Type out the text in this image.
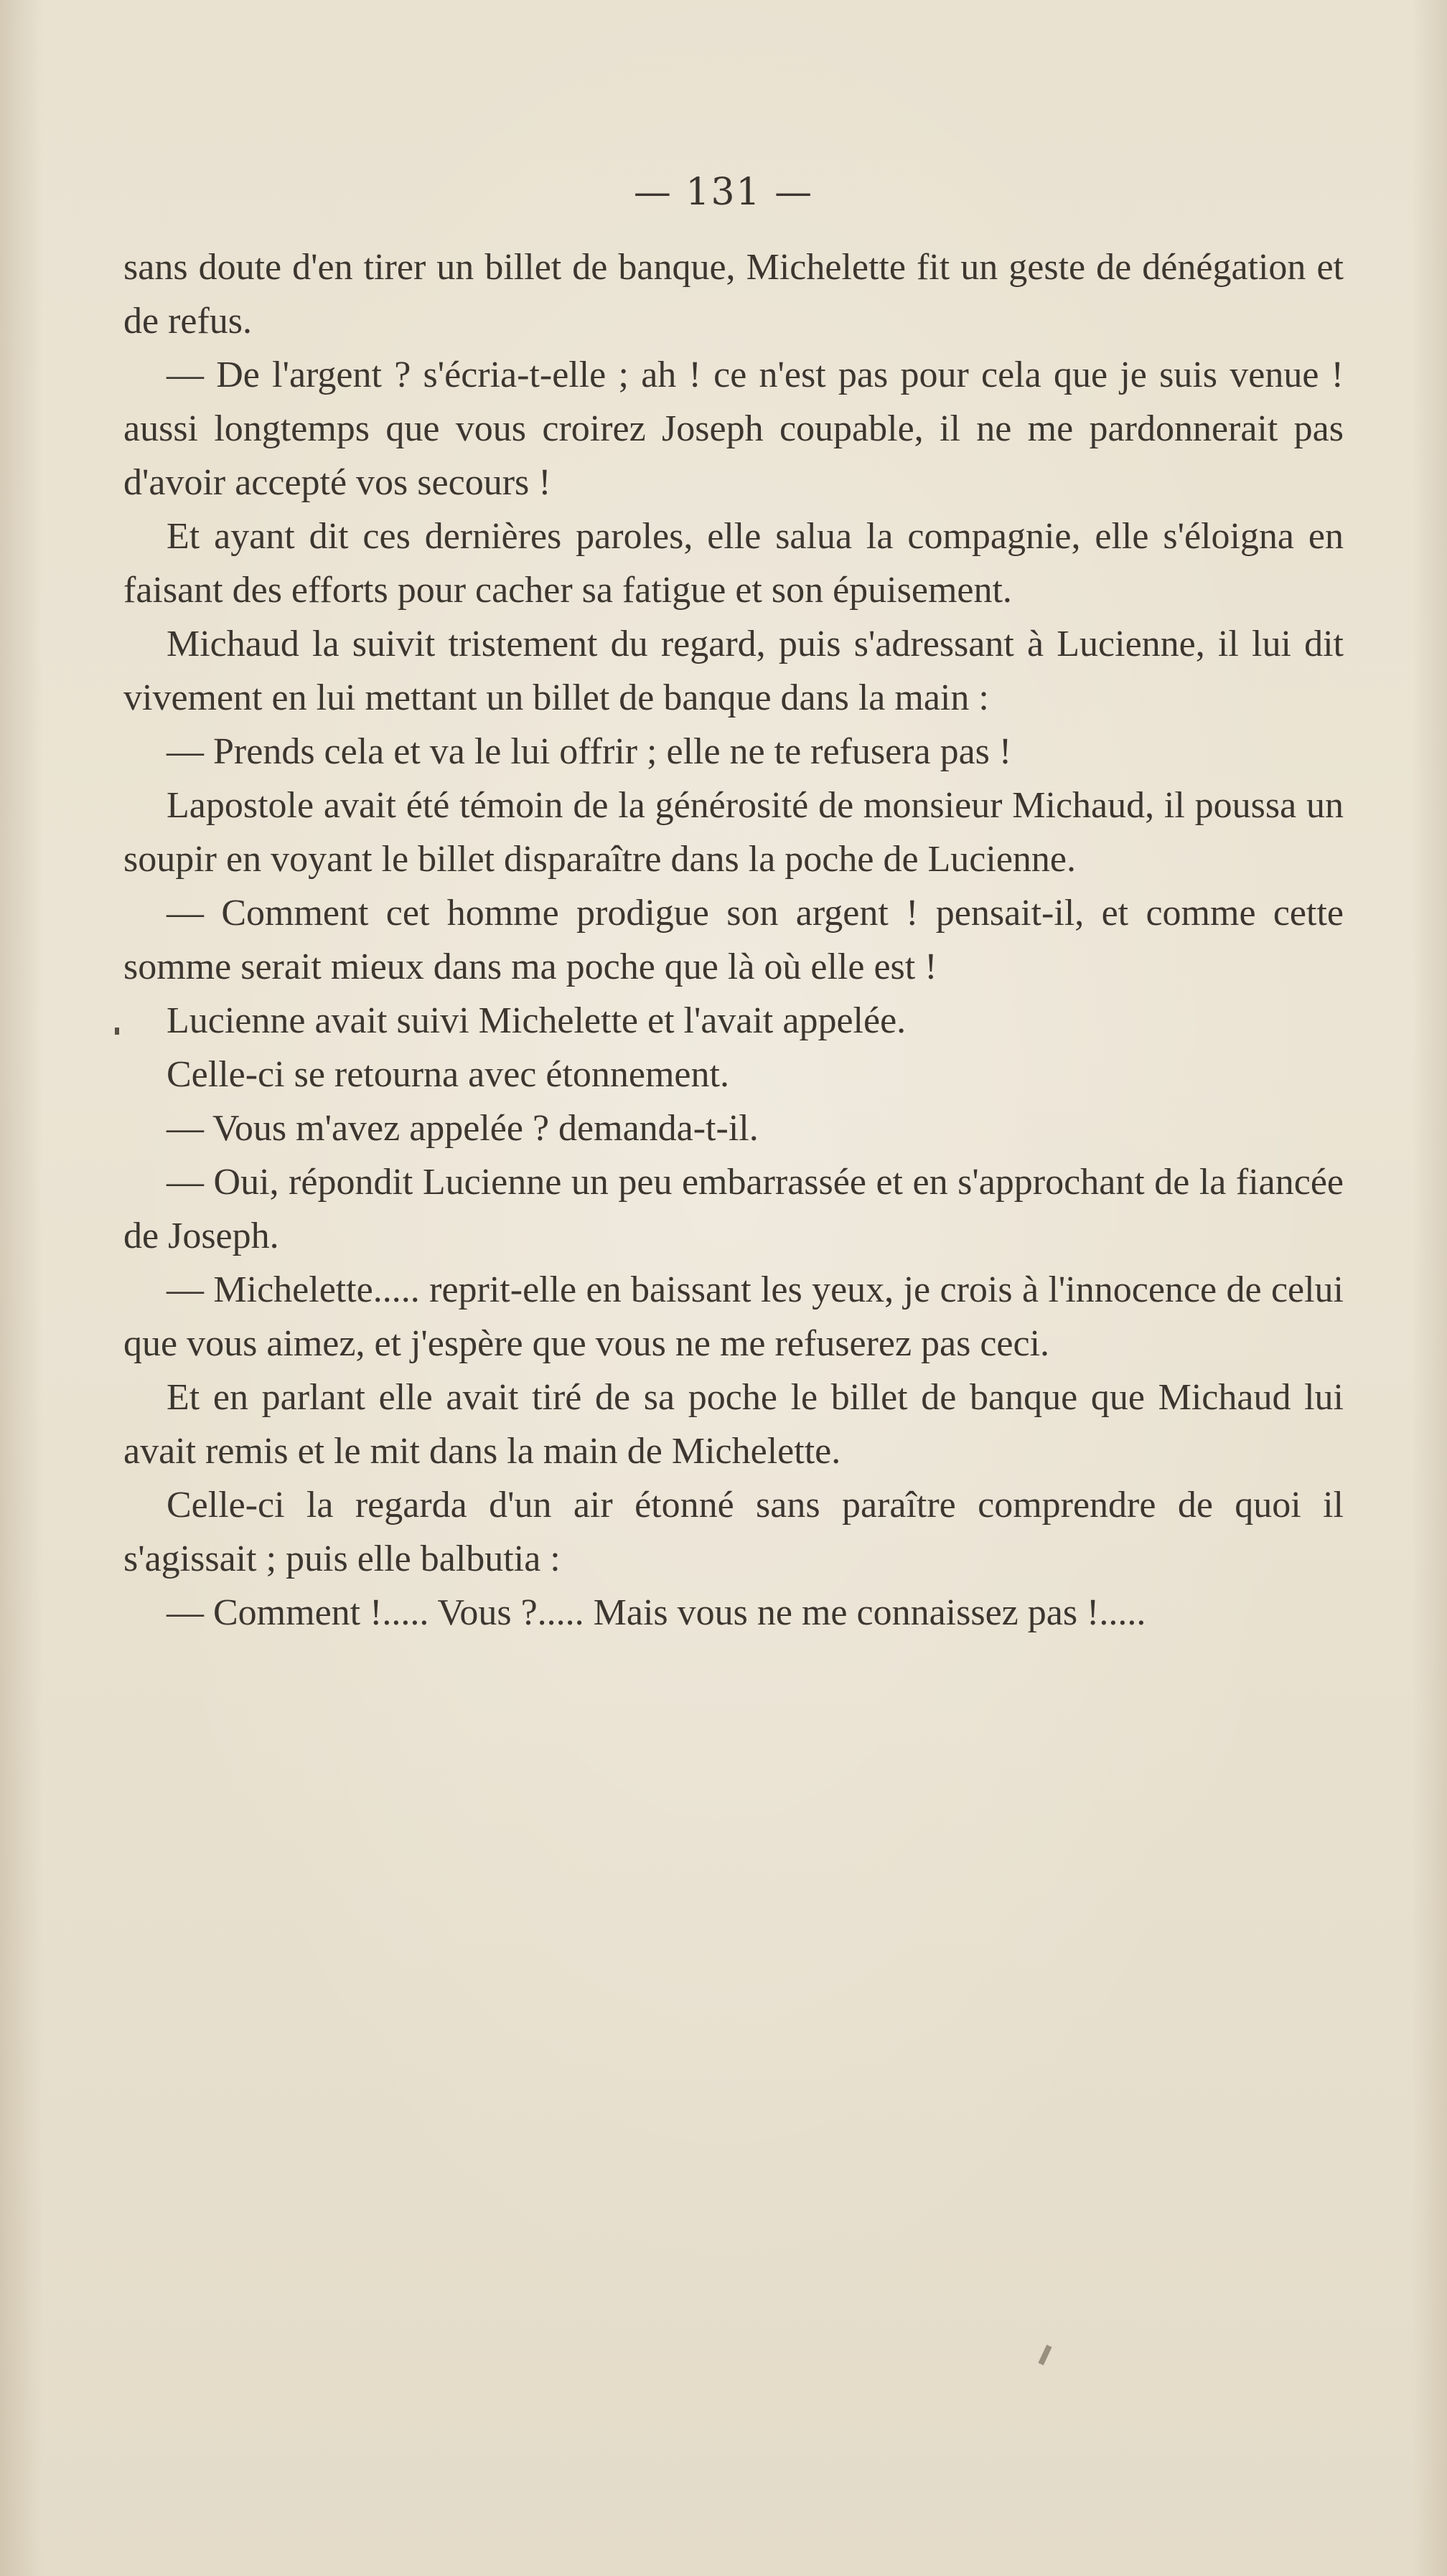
— 131 —

sans doute d'en tirer un billet de banque, Michelette fit un geste de dénégation et de refus.

— De l'argent ? s'écria-t-elle ; ah ! ce n'est pas pour cela que je suis venue ! aussi longtemps que vous croirez Joseph coupable, il ne me pardonnerait pas d'avoir accepté vos secours !

Et ayant dit ces dernières paroles, elle salua la compagnie, elle s'éloigna en faisant des efforts pour cacher sa fatigue et son épuisement.

Michaud la suivit tristement du regard, puis s'adressant à Lucienne, il lui dit vivement en lui mettant un billet de banque dans la main :

— Prends cela et va le lui offrir ; elle ne te refusera pas !

Lapostole avait été témoin de la générosité de monsieur Michaud, il poussa un soupir en voyant le billet disparaître dans la poche de Lucienne.

— Comment cet homme prodigue son argent ! pensait-il, et comme cette somme serait mieux dans ma poche que là où elle est !

Lucienne avait suivi Michelette et l'avait appelée.

Celle-ci se retourna avec étonnement.

— Vous m'avez appelée ? demanda-t-il.

— Oui, répondit Lucienne un peu embarrassée et en s'approchant de la fiancée de Joseph.

— Michelette..... reprit-elle en baissant les yeux, je crois à l'innocence de celui que vous aimez, et j'espère que vous ne me refuserez pas ceci.

Et en parlant elle avait tiré de sa poche le billet de banque que Michaud lui avait remis et le mit dans la main de Michelette.

Celle-ci la regarda d'un air étonné sans paraître comprendre de quoi il s'agissait ; puis elle balbutia :

— Comment !..... Vous ?..... Mais vous ne me connaissez pas !.....
